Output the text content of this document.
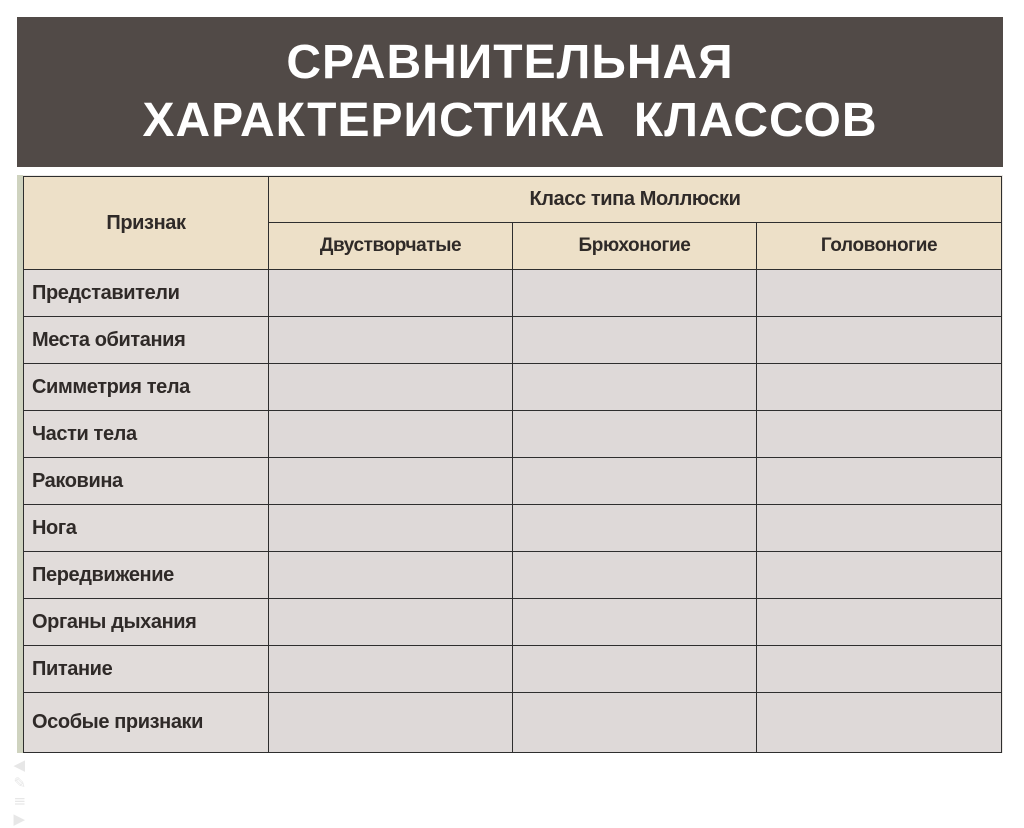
СРАВНИТЕЛЬНАЯ
ХАРАКТЕРИСТИКА  КЛАССОВ
Признак	Класс типа Моллюски		
	Двустворчатые	Брюхоногие	Головоногие
Представители			
Места обитания			
Симметрия тела			
Части тела			
Раковина			
Нога			
Передвижение			
Органы дыхания			
Питание			
Особые признаки			

◀
✎
≡
▶
